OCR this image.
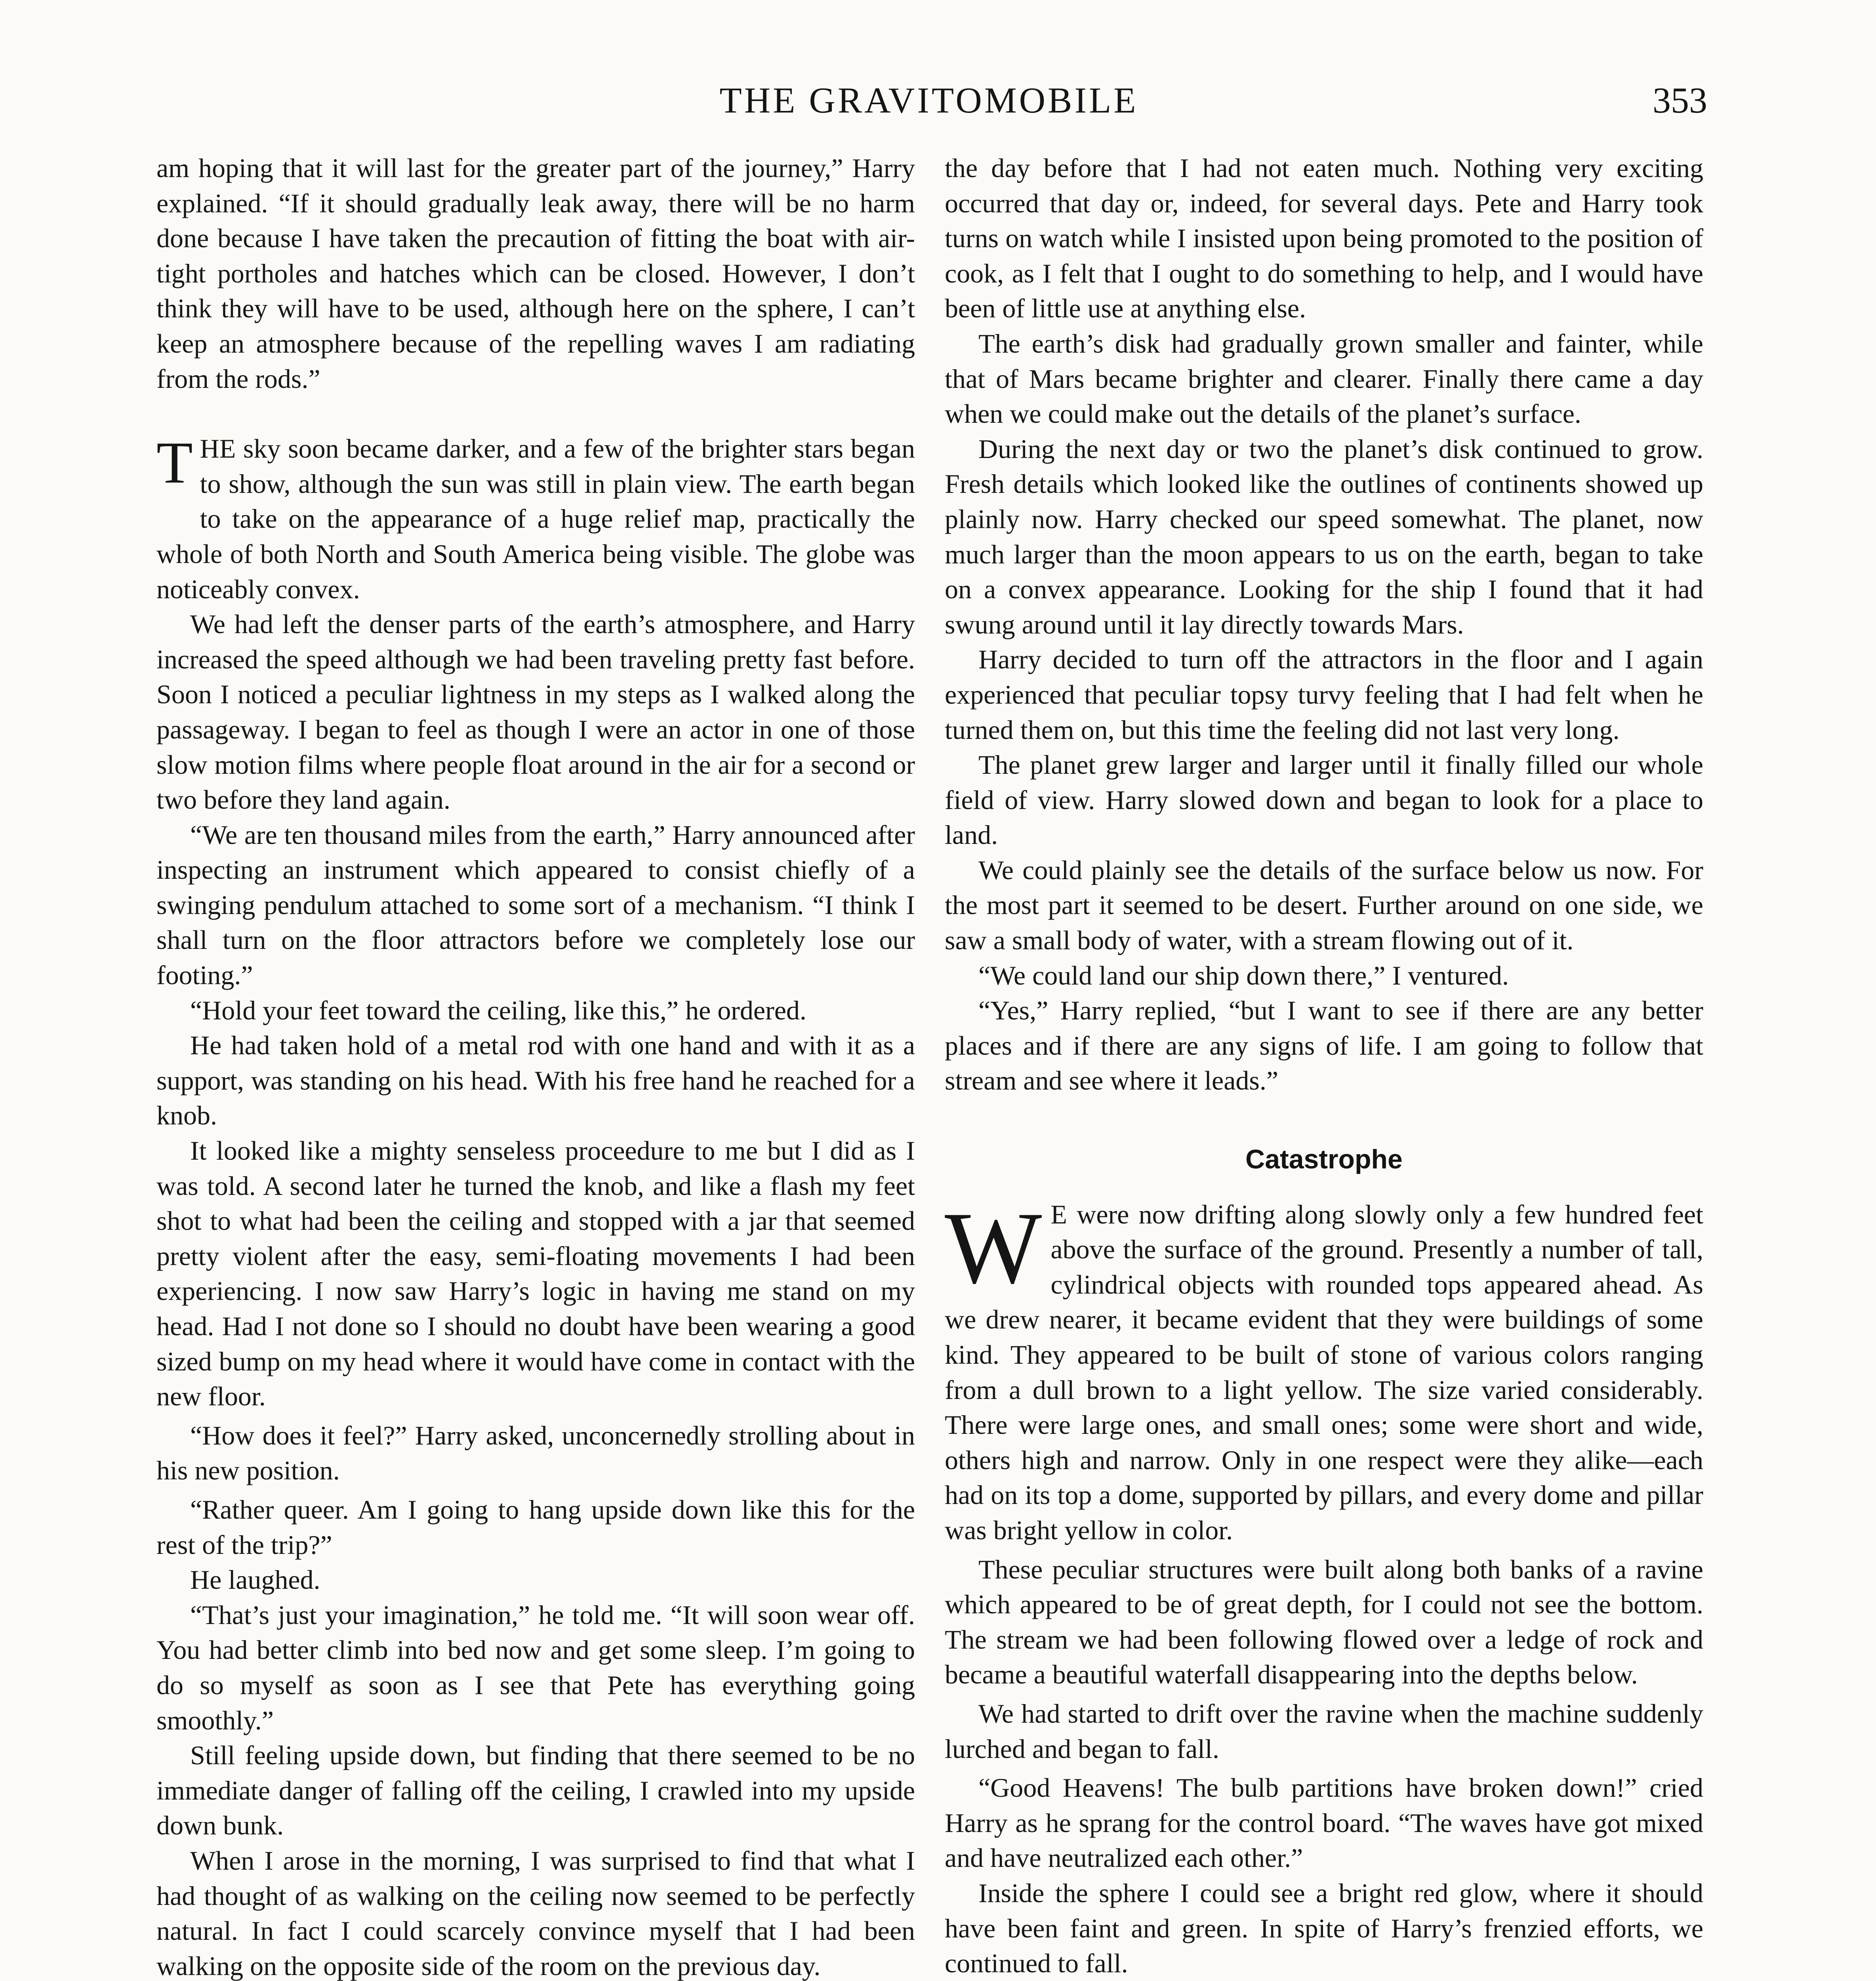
THE GRAVITOMOBILE	353

am hoping that it will last for the greater part of the journey,” Harry explained. “If it should gradually leak away, there will be no harm done because I have taken the precaution of fitting the boat with air-tight portholes and hatches which can be closed. However, I don’t think they will have to be used, although here on the sphere, I can’t keep an atmosphere because of the repelling waves I am radiating from the rods.”

THE sky soon became darker, and a few of the brighter stars began to show, although the sun was still in plain view. The earth began to take on the appearance of a huge relief map, practically the whole of both North and South America being visible. The globe was noticeably convex.

We had left the denser parts of the earth’s atmosphere, and Harry increased the speed although we had been traveling pretty fast before. Soon I noticed a peculiar lightness in my steps as I walked along the passageway. I began to feel as though I were an actor in one of those slow motion films where people float around in the air for a second or two before they land again.

“We are ten thousand miles from the earth,” Harry announced after inspecting an instrument which appeared to consist chiefly of a swinging pendulum attached to some sort of a mechanism. “I think I shall turn on the floor attractors before we completely lose our footing.”

“Hold your feet toward the ceiling, like this,” he ordered.

He had taken hold of a metal rod with one hand and with it as a support, was standing on his head. With his free hand he reached for a knob.

It looked like a mighty senseless proceedure to me but I did as I was told. A second later he turned the knob, and like a flash my feet shot to what had been the ceiling and stopped with a jar that seemed pretty violent after the easy, semi-floating movements I had been experiencing. I now saw Harry’s logic in having me stand on my head. Had I not done so I should no doubt have been wearing a good sized bump on my head where it would have come in contact with the new floor.

“How does it feel?” Harry asked, unconcernedly strolling about in his new position.

“Rather queer. Am I going to hang upside down like this for the rest of the trip?”

He laughed.

“That’s just your imagination,” he told me. “It will soon wear off. You had better climb into bed now and get some sleep. I’m going to do so myself as soon as I see that Pete has everything going smoothly.”

Still feeling upside down, but finding that there seemed to be no immediate danger of falling off the ceiling, I crawled into my upside down bunk.

When I arose in the morning, I was surprised to find that what I had thought of as walking on the ceiling now seemed to be perfectly natural. In fact I could scarcely convince myself that I had been walking on the opposite side of the room on the previous day.

the day before that I had not eaten much. Nothing very exciting occurred that day or, indeed, for several days. Pete and Harry took turns on watch while I insisted upon being promoted to the position of cook, as I felt that I ought to do something to help, and I would have been of little use at anything else.

The earth’s disk had gradually grown smaller and fainter, while that of Mars became brighter and clearer. Finally there came a day when we could make out the details of the planet’s surface.

During the next day or two the planet’s disk continued to grow. Fresh details which looked like the outlines of continents showed up plainly now. Harry checked our speed somewhat. The planet, now much larger than the moon appears to us on the earth, began to take on a convex appearance. Looking for the ship I found that it had swung around until it lay directly towards Mars.

Harry decided to turn off the attractors in the floor and I again experienced that peculiar topsy turvy feeling that I had felt when he turned them on, but this time the feeling did not last very long.

The planet grew larger and larger until it finally filled our whole field of view. Harry slowed down and began to look for a place to land.

We could plainly see the details of the surface below us now. For the most part it seemed to be desert. Further around on one side, we saw a small body of water, with a stream flowing out of it.

“We could land our ship down there,” I ventured.

“Yes,” Harry replied, “but I want to see if there are any better places and if there are any signs of life. I am going to follow that stream and see where it leads.”

Catastrophe

W E were now drifting along slowly only a few hundred feet above the surface of the ground. Presently a number of tall, cylindrical objects with rounded tops appeared ahead. As we drew nearer, it became evident that they were buildings of some kind. They appeared to be built of stone of various colors ranging from a dull brown to a light yellow. The size varied considerably. There were large ones, and small ones; some were short and wide, others high and narrow. Only in one respect were they alike—each had on its top a dome, supported by pillars, and every dome and pillar was bright yellow in color.

These peculiar structures were built along both banks of a ravine which appeared to be of great depth, for I could not see the bottom. The stream we had been following flowed over a ledge of rock and became a beautiful waterfall disappearing into the depths below.

We had started to drift over the ravine when the machine suddenly lurched and began to fall.

“Good Heavens! The bulb partitions have broken down!” cried Harry as he sprang for the control board. “The waves have got mixed and have neutralized each other.”

Inside the sphere I could see a bright red glow, where it should have been faint and green. In spite of Harry’s frenzied efforts, we continued to fall.
